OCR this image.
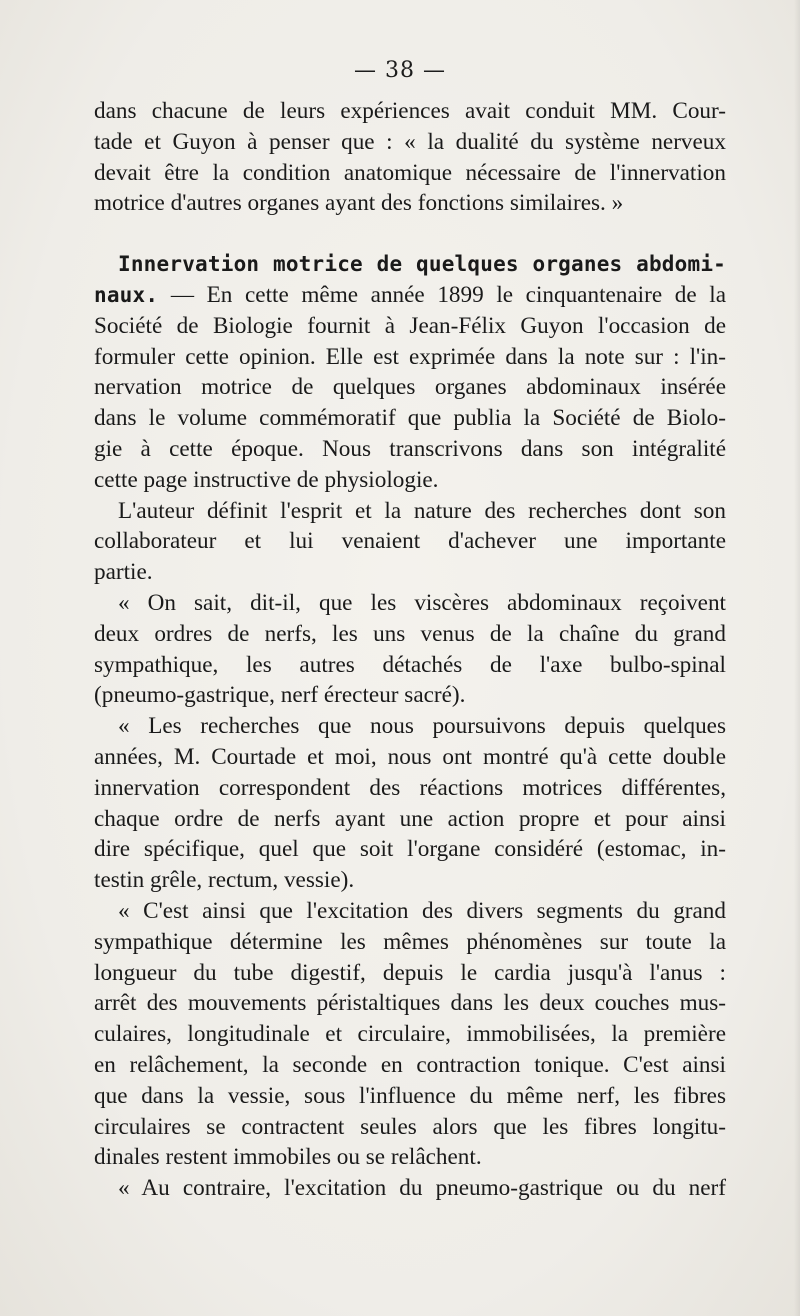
— 38 —
dans chacune de leurs expériences avait conduit MM. Cour-
tade et Guyon à penser que : « la dualité du système nerveux
devait être la condition anatomique nécessaire de l'innervation
motrice d'autres organes ayant des fonctions similaires. »
Innervation motrice de quelques organes abdomi-
naux. — En cette même année 1899 le cinquantenaire de la
Société de Biologie fournit à Jean-Félix Guyon l'occasion de
formuler cette opinion. Elle est exprimée dans la note sur : l'in-
nervation motrice de quelques organes abdominaux insérée
dans le volume commémoratif que publia la Société de Biolo-
gie à cette époque. Nous transcrivons dans son intégralité
cette page instructive de physiologie.
L'auteur définit l'esprit et la nature des recherches dont son
collaborateur et lui venaient d'achever une importante
partie.
« On sait, dit-il, que les viscères abdominaux reçoivent
deux ordres de nerfs, les uns venus de la chaîne du grand
sympathique, les autres détachés de l'axe bulbo-spinal
(pneumo-gastrique, nerf érecteur sacré).
« Les recherches que nous poursuivons depuis quelques
années, M. Courtade et moi, nous ont montré qu'à cette double
innervation correspondent des réactions motrices différentes,
chaque ordre de nerfs ayant une action propre et pour ainsi
dire spécifique, quel que soit l'organe considéré (estomac, in-
testin grêle, rectum, vessie).
« C'est ainsi que l'excitation des divers segments du grand
sympathique détermine les mêmes phénomènes sur toute la
longueur du tube digestif, depuis le cardia jusqu'à l'anus :
arrêt des mouvements péristaltiques dans les deux couches mus-
culaires, longitudinale et circulaire, immobilisées, la première
en relâchement, la seconde en contraction tonique. C'est ainsi
que dans la vessie, sous l'influence du même nerf, les fibres
circulaires se contractent seules alors que les fibres longitu-
dinales restent immobiles ou se relâchent.
« Au contraire, l'excitation du pneumo-gastrique ou du nerf
